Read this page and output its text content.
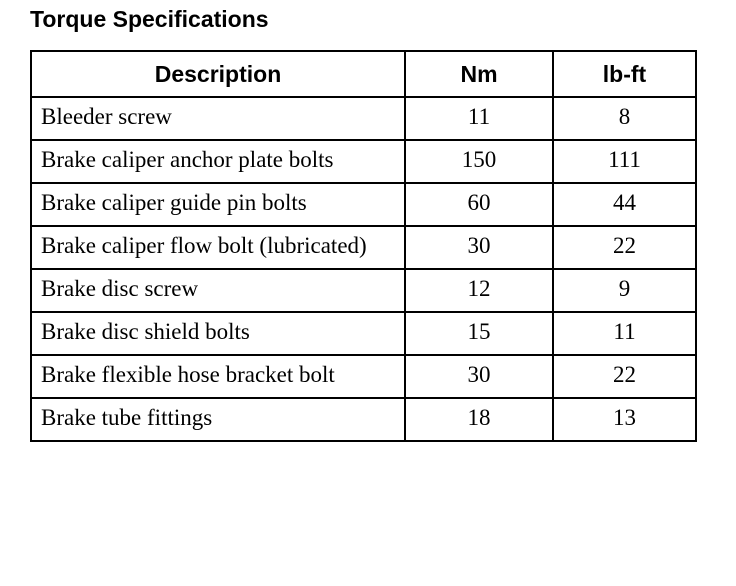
Torque Specifications
Description	Nm	lb-ft
Bleeder screw	11	8
Brake caliper anchor plate bolts	150	111
Brake caliper guide pin bolts	60	44
Brake caliper flow bolt (lubricated)	30	22
Brake disc screw	12	9
Brake disc shield bolts	15	11
Brake flexible hose bracket bolt	30	22
Brake tube fittings	18	13
